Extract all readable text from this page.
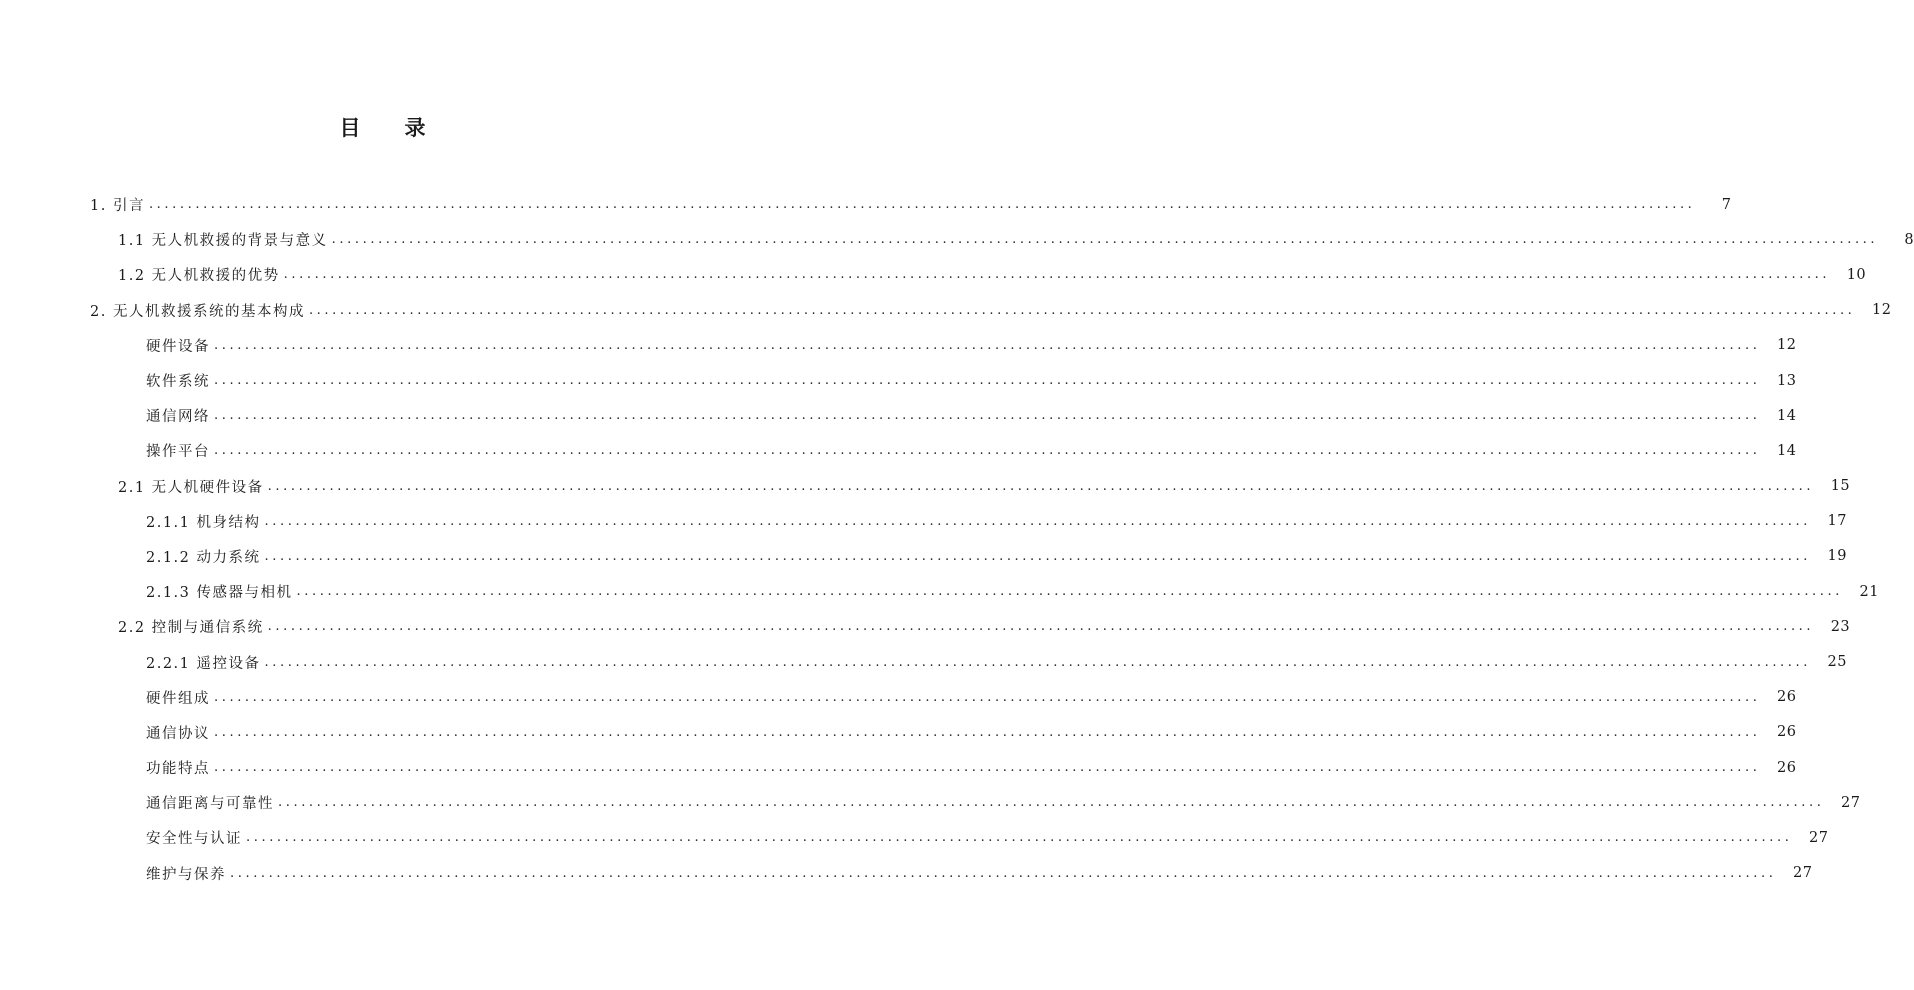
目 录
1. 引言 ........................................................................................................................................................................................................	7
1.1 无人机救援的背景与意义 ........................................................................................................................................................................................................	8
1.2 无人机救援的优势 ........................................................................................................................................................................................................	10
2. 无人机救援系统的基本构成 ........................................................................................................................................................................................................	12
硬件设备 ........................................................................................................................................................................................................	12
软件系统 ........................................................................................................................................................................................................	13
通信网络 ........................................................................................................................................................................................................	14
操作平台 ........................................................................................................................................................................................................	14
2.1 无人机硬件设备 ........................................................................................................................................................................................................	15
2.1.1 机身结构 ........................................................................................................................................................................................................	17
2.1.2 动力系统 ........................................................................................................................................................................................................	19
2.1.3 传感器与相机 ........................................................................................................................................................................................................	21
2.2 控制与通信系统 ........................................................................................................................................................................................................	23
2.2.1 遥控设备 ........................................................................................................................................................................................................	25
硬件组成 ........................................................................................................................................................................................................	26
通信协议 ........................................................................................................................................................................................................	26
功能特点 ........................................................................................................................................................................................................	26
通信距离与可靠性 ........................................................................................................................................................................................................	27
安全性与认证 ........................................................................................................................................................................................................	27
维护与保养 ........................................................................................................................................................................................................	27
